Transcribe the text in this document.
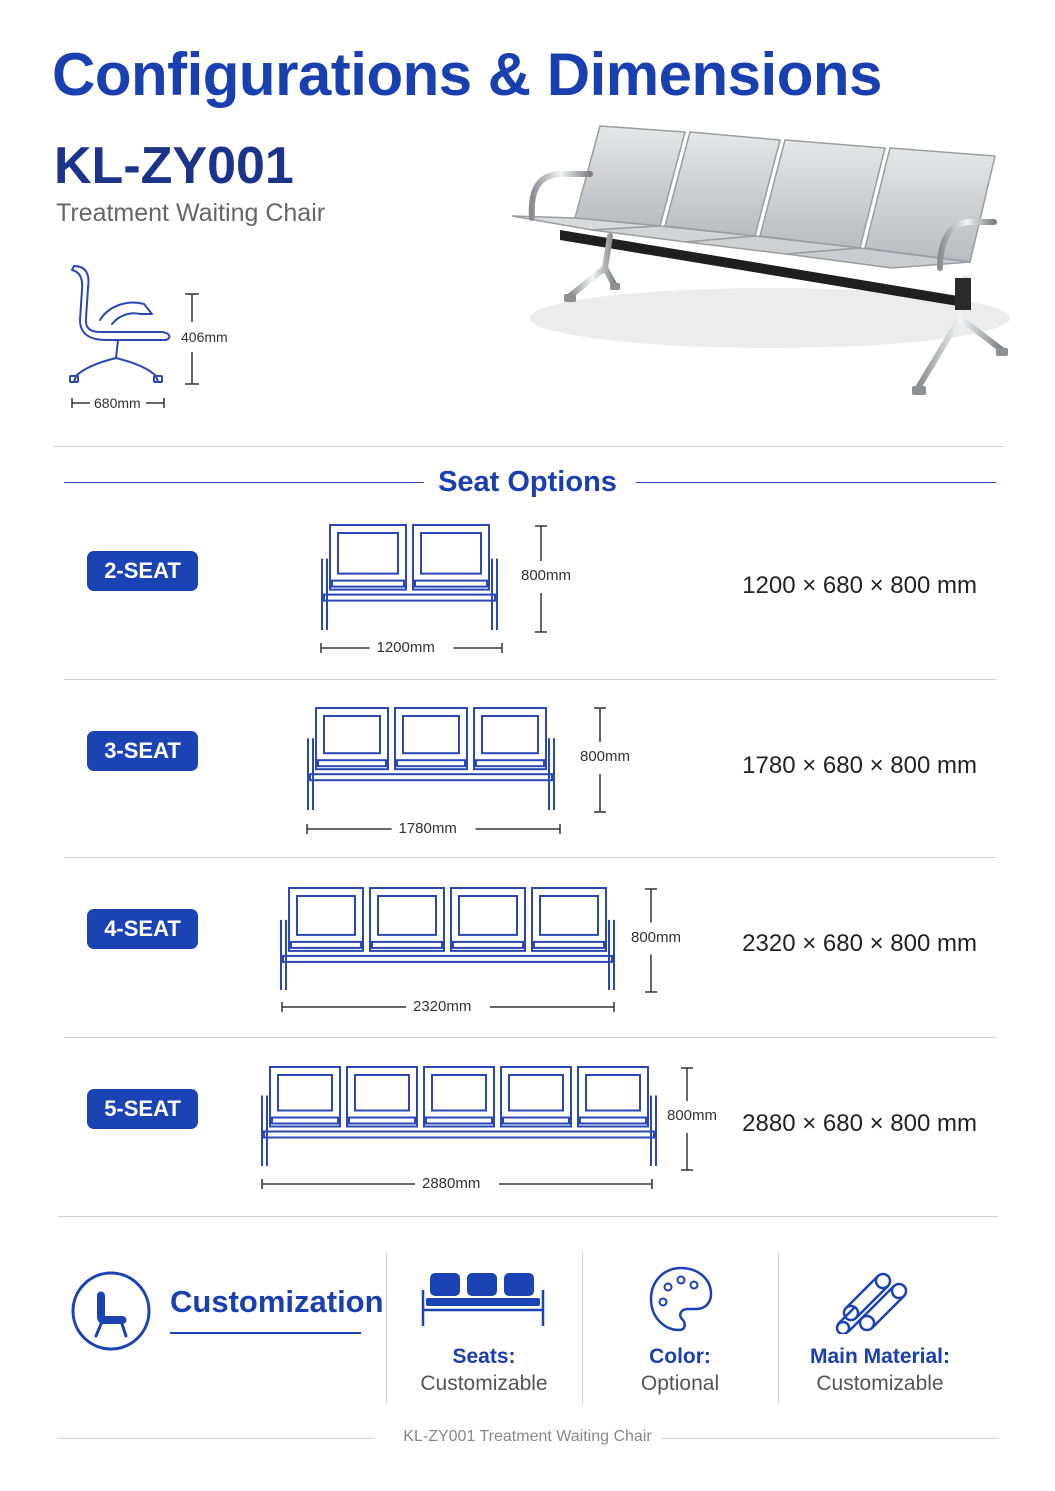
Configurations & Dimensions
KL-ZY001
Treatment Waiting Chair
406mm
680mm
Seat Options
2-SEAT	800mm
1200mm
1200 × 680 × 800 mm
3-SEAT	800mm
1780mm
1780 × 680 × 800 mm
4-SEAT	800mm
2320mm
2320 × 680 × 800 mm
5-SEAT	800mm
2880mm
2880 × 680 × 800 mm
Customization
Seats:
Customizable
Color:
Optional
Main Material:
Customizable
KL-ZY001 Treatment Waiting Chair
